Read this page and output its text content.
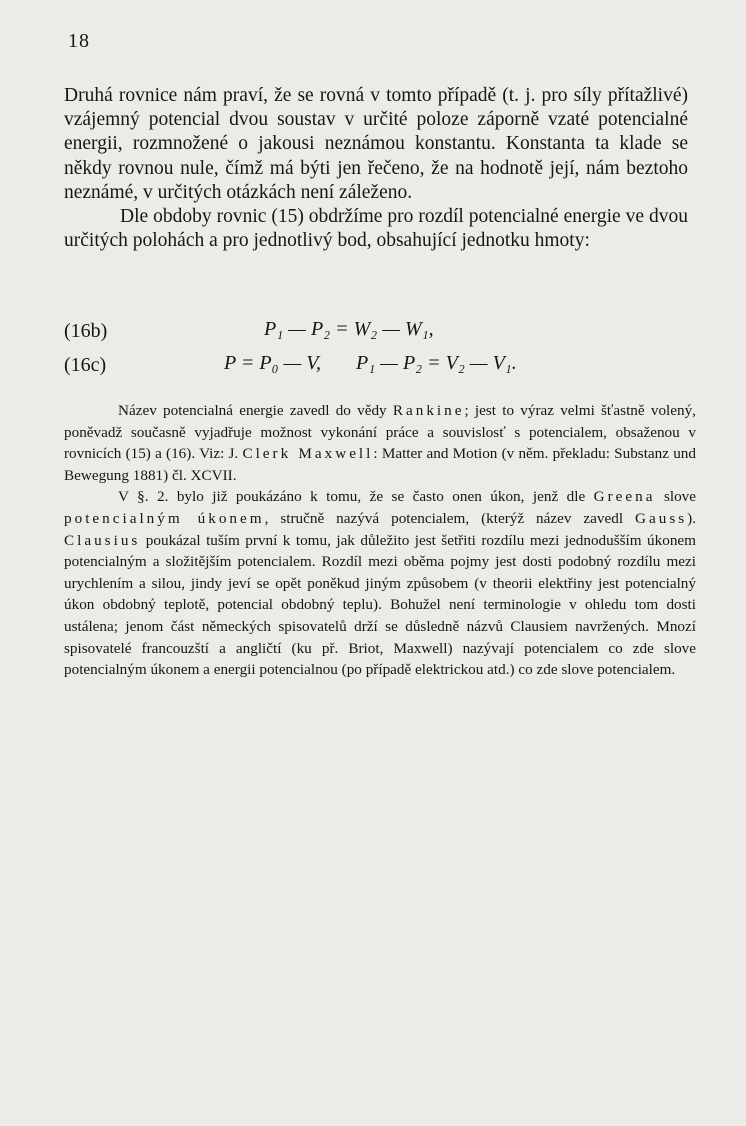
18

Druhá rovnice nám praví, že se rovná v tomto případě (t. j. pro síly přítažlivé) vzájemný potencial dvou soustav v určité poloze záporně vzaté potencialné energii, rozmnožené o jakousi neznámou konstantu. Konstanta ta klade se někdy rovnou nule, čímž má býti jen řečeno, že na hodnotě její, nám beztoho neznámé, v určitých otázkách není záleženo.

Dle obdoby rovnic (15) obdržíme pro rozdíl potencialné energie ve dvou určitých polohách a pro jednotlivý bod, obsahující jednotku hmoty:

(16b)	P₁ — P₂ = W₂ — W₁,
(16c)	P = P₀ — V, P₁ — P₂ = V₂ — V₁.

Název potencialná energie zavedl do vědy Rankine; jest to výraz velmi šťastně volený, poněvadž současně vyjadřuje možnost vykonání práce a souvislosť s potencialem, obsaženou v rovnicích (15) a (16). Viz: J. Clerk Maxwell: Matter and Motion (v něm. překladu: Substanz und Bewegung 1881) čl. XCVII.

V §. 2. bylo již poukázáno k tomu, že se často onen úkon, jenž dle Greena slove potencialným úkonem, stručně nazývá potencialem, (kterýž název zavedl Gauss). Clausius poukázal tuším první k tomu, jak důležito jest šetřiti rozdílu mezi jednodušším úkonem potencialným a složitějším potencialem. Rozdíl mezi oběma pojmy jest dosti podobný rozdílu mezi urychlením a silou, jindy jeví se opět poněkud jiným způsobem (v theorii elektřiny jest potencialný úkon obdobný teplotě, potencial obdobný teplu). Bohužel není terminologie v ohledu tom dosti ustálena; jenom část německých spisovatelů drží se důsledně názvů Clausiem navržených. Mnozí spisovatelé francouzští a angličtí (ku př. Briot, Maxwell) nazývají potencialem co zde slove potencialným úkonem a energii potencialnou (po případě elektrickou atd.) co zde slove potencialem.
